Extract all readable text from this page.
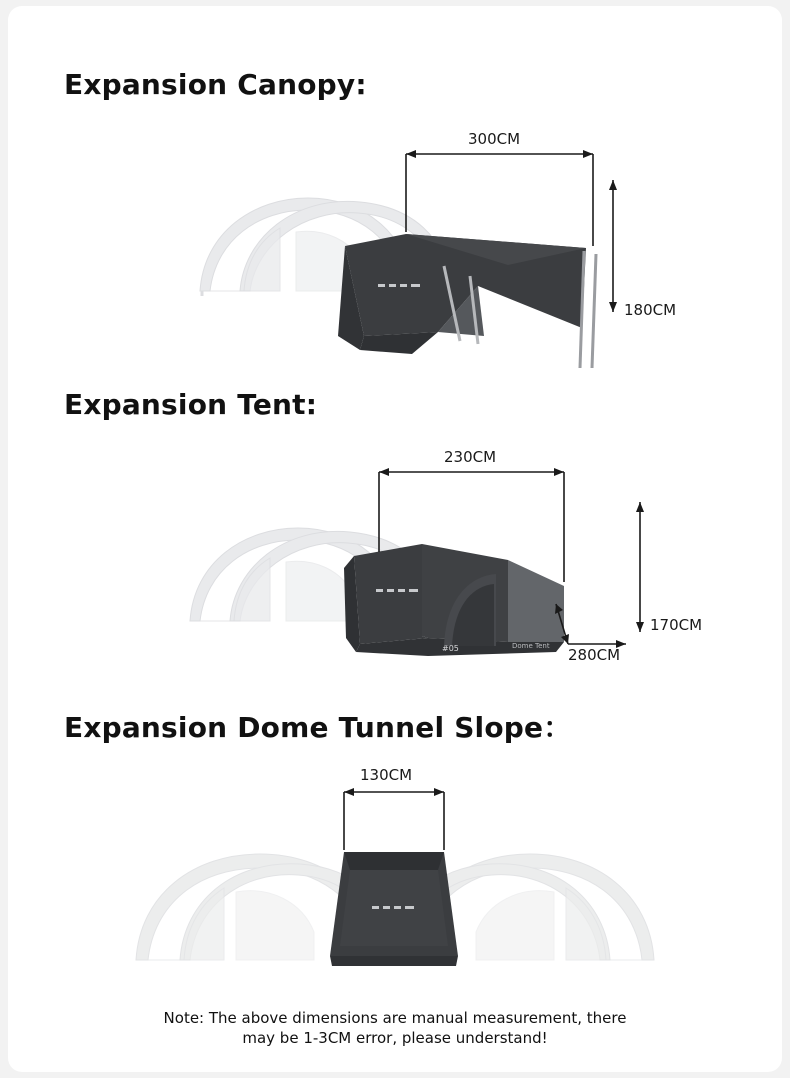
Expansion Canopy:
300CM
180CM
Expansion Tent:
#05	Dome Tent
230CM
170CM
280CM
Expansion Dome Tunnel Slope：
130CM
Note: The above dimensions are manual measurement, there
may be 1-3CM error, please understand!
